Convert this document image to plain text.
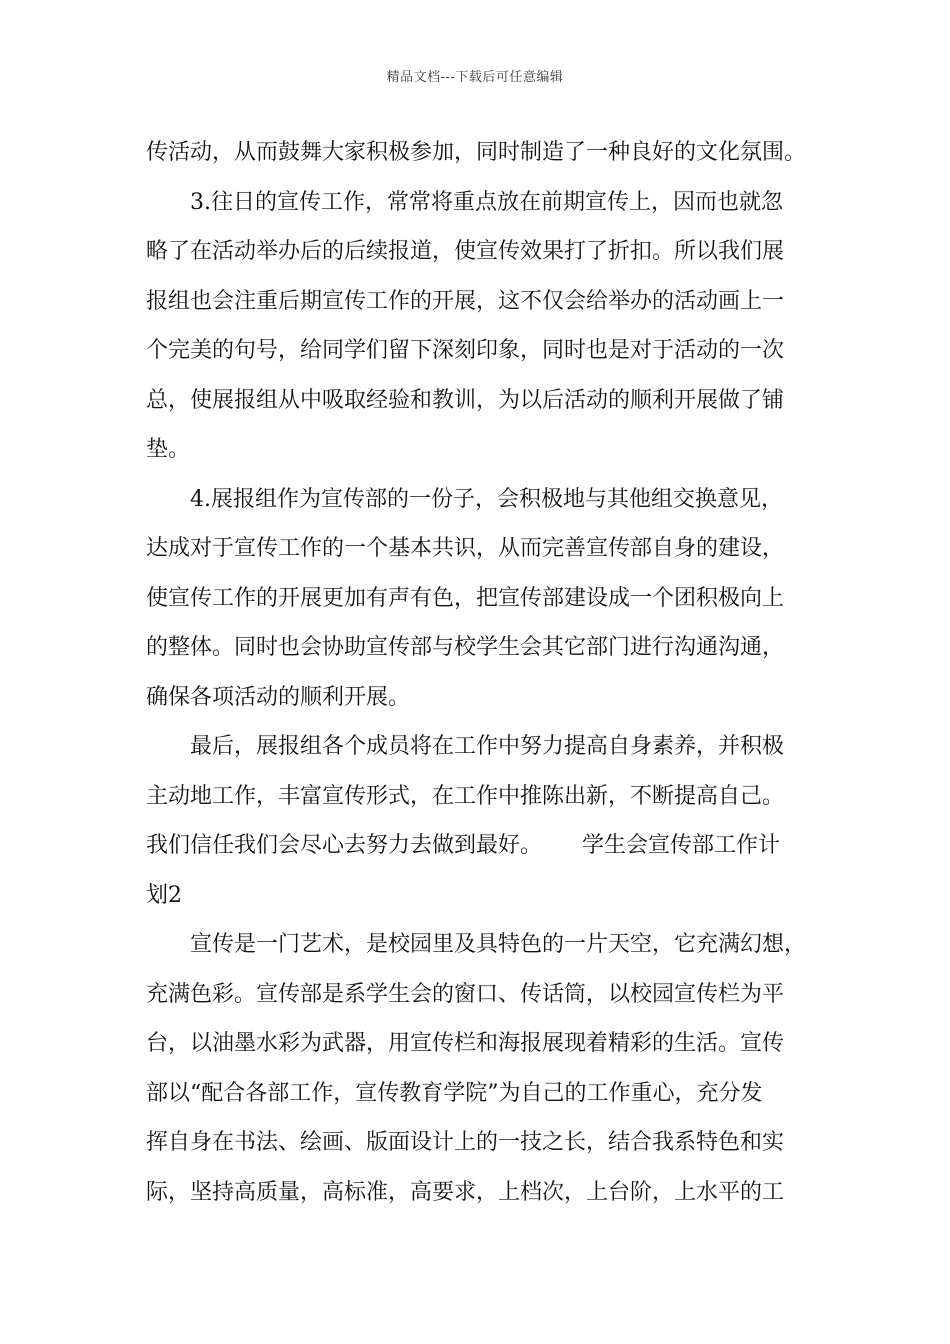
精品文档---下载后可任意编辑
传活动，从而鼓舞大家积极参加，同时制造了一种良好的文化氛围。
3.往日的宣传工作，常常将重点放在前期宣传上，因而也就忽
略了在活动举办后的后续报道，使宣传效果打了折扣。所以我们展
报组也会注重后期宣传工作的开展，这不仅会给举办的活动画上一
个完美的句号，给同学们留下深刻印象，同时也是对于活动的一次
总，使展报组从中吸取经验和教训，为以后活动的顺利开展做了铺
垫。
4.展报组作为宣传部的一份子，会积极地与其他组交换意见，
达成对于宣传工作的一个基本共识，从而完善宣传部自身的建设，
使宣传工作的开展更加有声有色，把宣传部建设成一个团积极向上
的整体。同时也会协助宣传部与校学生会其它部门进行沟通沟通，
确保各项活动的顺利开展。
最后，展报组各个成员将在工作中努力提高自身素养，并积极
主动地工作，丰富宣传形式，在工作中推陈出新，不断提高自己。
我们信任我们会尽心去努力去做到最好。 学生会宣传部工作计
划2
宣传是一门艺术，是校园里及具特色的一片天空，它充满幻想，
充满色彩。宣传部是系学生会的窗口、传话筒，以校园宣传栏为平
台，以油墨水彩为武器，用宣传栏和海报展现着精彩的生活。宣传
部以“配合各部工作，宣传教育学院”为自己的工作重心，充分发
挥自身在书法、绘画、版面设计上的一技之长，结合我系特色和实
际，坚持高质量，高标准，高要求，上档次，上台阶，上水平的工
